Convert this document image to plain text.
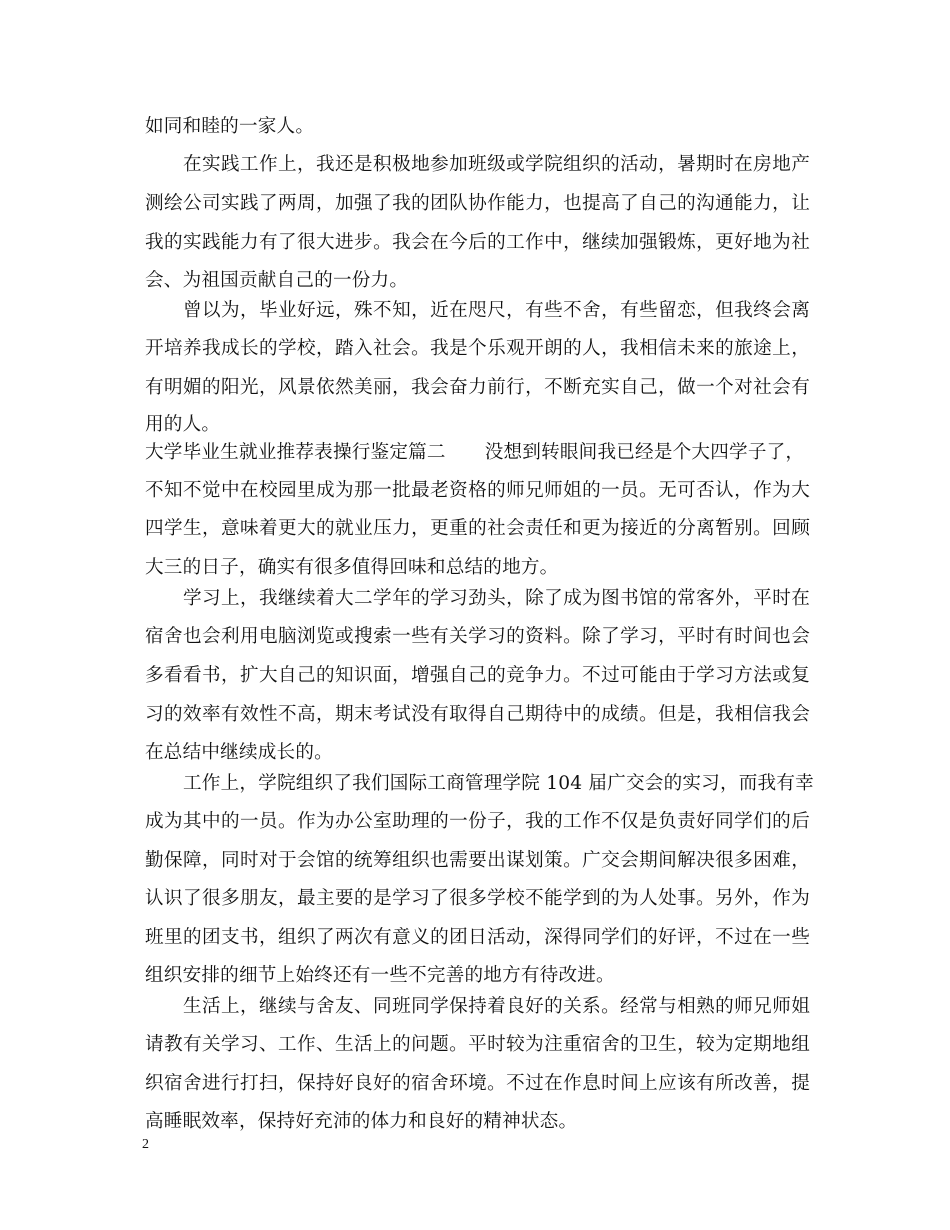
如同和睦的一家人。
在实践工作上，我还是积极地参加班级或学院组织的活动，暑期时在房地产
测绘公司实践了两周，加强了我的团队协作能力，也提高了自己的沟通能力，让
我的实践能力有了很大进步。我会在今后的工作中，继续加强锻炼，更好地为社
会、为祖国贡献自己的一份力。
曾以为，毕业好远，殊不知，近在咫尺，有些不舍，有些留恋，但我终会离
开培养我成长的学校，踏入社会。我是个乐观开朗的人，我相信未来的旅途上，
有明媚的阳光，风景依然美丽，我会奋力前行，不断充实自己，做一个对社会有
用的人。
大学毕业生就业推荐表操行鉴定篇二 没想到转眼间我已经是个大四学子了，
不知不觉中在校园里成为那一批最老资格的师兄师姐的一员。无可否认，作为大
四学生，意味着更大的就业压力，更重的社会责任和更为接近的分离暂别。回顾
大三的日子，确实有很多值得回味和总结的地方。
学习上，我继续着大二学年的学习劲头，除了成为图书馆的常客外，平时在
宿舍也会利用电脑浏览或搜索一些有关学习的资料。除了学习，平时有时间也会
多看看书，扩大自己的知识面，增强自己的竞争力。不过可能由于学习方法或复
习的效率有效性不高，期末考试没有取得自己期待中的成绩。但是，我相信我会
在总结中继续成长的。
工作上，学院组织了我们国际工商管理学院 104 届广交会的实习，而我有幸
成为其中的一员。作为办公室助理的一份子，我的工作不仅是负责好同学们的后
勤保障，同时对于会馆的统筹组织也需要出谋划策。广交会期间解决很多困难，
认识了很多朋友，最主要的是学习了很多学校不能学到的为人处事。另外，作为
班里的团支书，组织了两次有意义的团日活动，深得同学们的好评，不过在一些
组织安排的细节上始终还有一些不完善的地方有待改进。
生活上，继续与舍友、同班同学保持着良好的关系。经常与相熟的师兄师姐
请教有关学习、工作、生活上的问题。平时较为注重宿舍的卫生，较为定期地组
织宿舍进行打扫，保持好良好的宿舍环境。不过在作息时间上应该有所改善，提
高睡眠效率，保持好充沛的体力和良好的精神状态。
2
